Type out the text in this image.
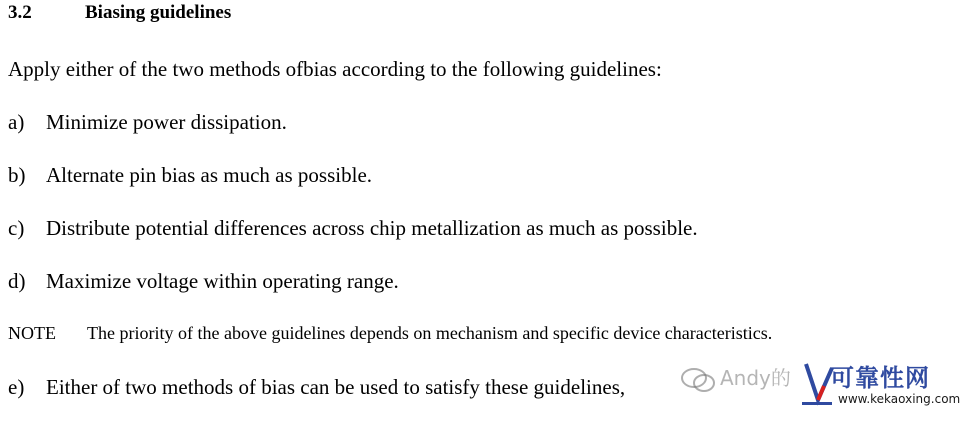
3.2	Biasing guidelines
Apply either of the two methods ofbias according to the following guidelines:
a) Minimize power dissipation.
b) Alternate pin bias as much as possible.
c) Distribute potential differences across chip metallization as much as possible.
d) Maximize voltage within operating range.
NOTE The priority of the above guidelines depends on mechanism and specific device characteristics.
e) Either of two methods of bias can be used to satisfy these guidelines,	Andy的 可靠性网
www.kekaoxing.com
